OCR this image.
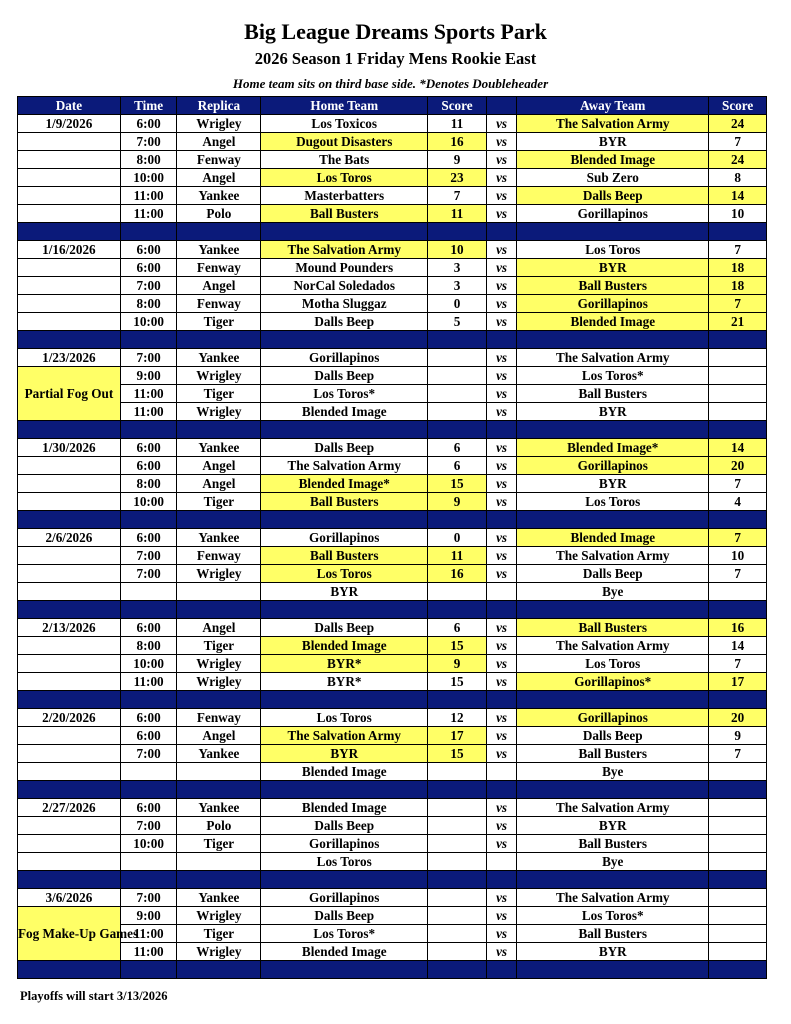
Big League Dreams Sports Park
2026 Season 1 Friday Mens Rookie East
Home team sits on third base side. *Denotes Doubleheader
Date	Time	Replica	Home Team	Score		Away Team	Score
1/9/2026	6:00	Wrigley	Los Toxicos	11	vs	The Salvation Army	24
	7:00	Angel	Dugout Disasters	16	vs	BYR	7
	8:00	Fenway	The Bats	9	vs	Blended Image	24
	10:00	Angel	Los Toros	23	vs	Sub Zero	8
	11:00	Yankee	Masterbatters	7	vs	Dalls Beep	14
	11:00	Polo	Ball Busters	11	vs	Gorillapinos	10

1/16/2026	6:00	Yankee	The Salvation Army	10	vs	Los Toros	7
	6:00	Fenway	Mound Pounders	3	vs	BYR	18
	7:00	Angel	NorCal Soledados	3	vs	Ball Busters	18
	8:00	Fenway	Motha Sluggaz	0	vs	Gorillapinos	7
	10:00	Tiger	Dalls Beep	5	vs	Blended Image	21

1/23/2026	7:00	Yankee	Gorillapinos		vs	The Salvation Army	
Partial Fog Out	9:00	Wrigley	Dalls Beep		vs	Los Toros*	
	11:00	Tiger	Los Toros*		vs	Ball Busters	
	11:00	Wrigley	Blended Image		vs	BYR	

1/30/2026	6:00	Yankee	Dalls Beep	6	vs	Blended Image*	14
	6:00	Angel	The Salvation Army	6	vs	Gorillapinos	20
	8:00	Angel	Blended Image*	15	vs	BYR	7
	10:00	Tiger	Ball Busters	9	vs	Los Toros	4

2/6/2026	6:00	Yankee	Gorillapinos	0	vs	Blended Image	7
	7:00	Fenway	Ball Busters	11	vs	The Salvation Army	10
	7:00	Wrigley	Los Toros	16	vs	Dalls Beep	7
			BYR			Bye	

2/13/2026	6:00	Angel	Dalls Beep	6	vs	Ball Busters	16
	8:00	Tiger	Blended Image	15	vs	The Salvation Army	14
	10:00	Wrigley	BYR*	9	vs	Los Toros	7
	11:00	Wrigley	BYR*	15	vs	Gorillapinos*	17

2/20/2026	6:00	Fenway	Los Toros	12	vs	Gorillapinos	20
	6:00	Angel	The Salvation Army	17	vs	Dalls Beep	9
	7:00	Yankee	BYR	15	vs	Ball Busters	7
			Blended Image			Bye	

2/27/2026	6:00	Yankee	Blended Image		vs	The Salvation Army	
	7:00	Polo	Dalls Beep		vs	BYR	
	10:00	Tiger	Gorillapinos		vs	Ball Busters	
			Los Toros			Bye	

3/6/2026	7:00	Yankee	Gorillapinos		vs	The Salvation Army	
Fog Make-Up Games	9:00	Wrigley	Dalls Beep		vs	Los Toros*	
	11:00	Tiger	Los Toros*		vs	Ball Busters	
	11:00	Wrigley	Blended Image		vs	BYR	

Playoffs will start 3/13/2026
